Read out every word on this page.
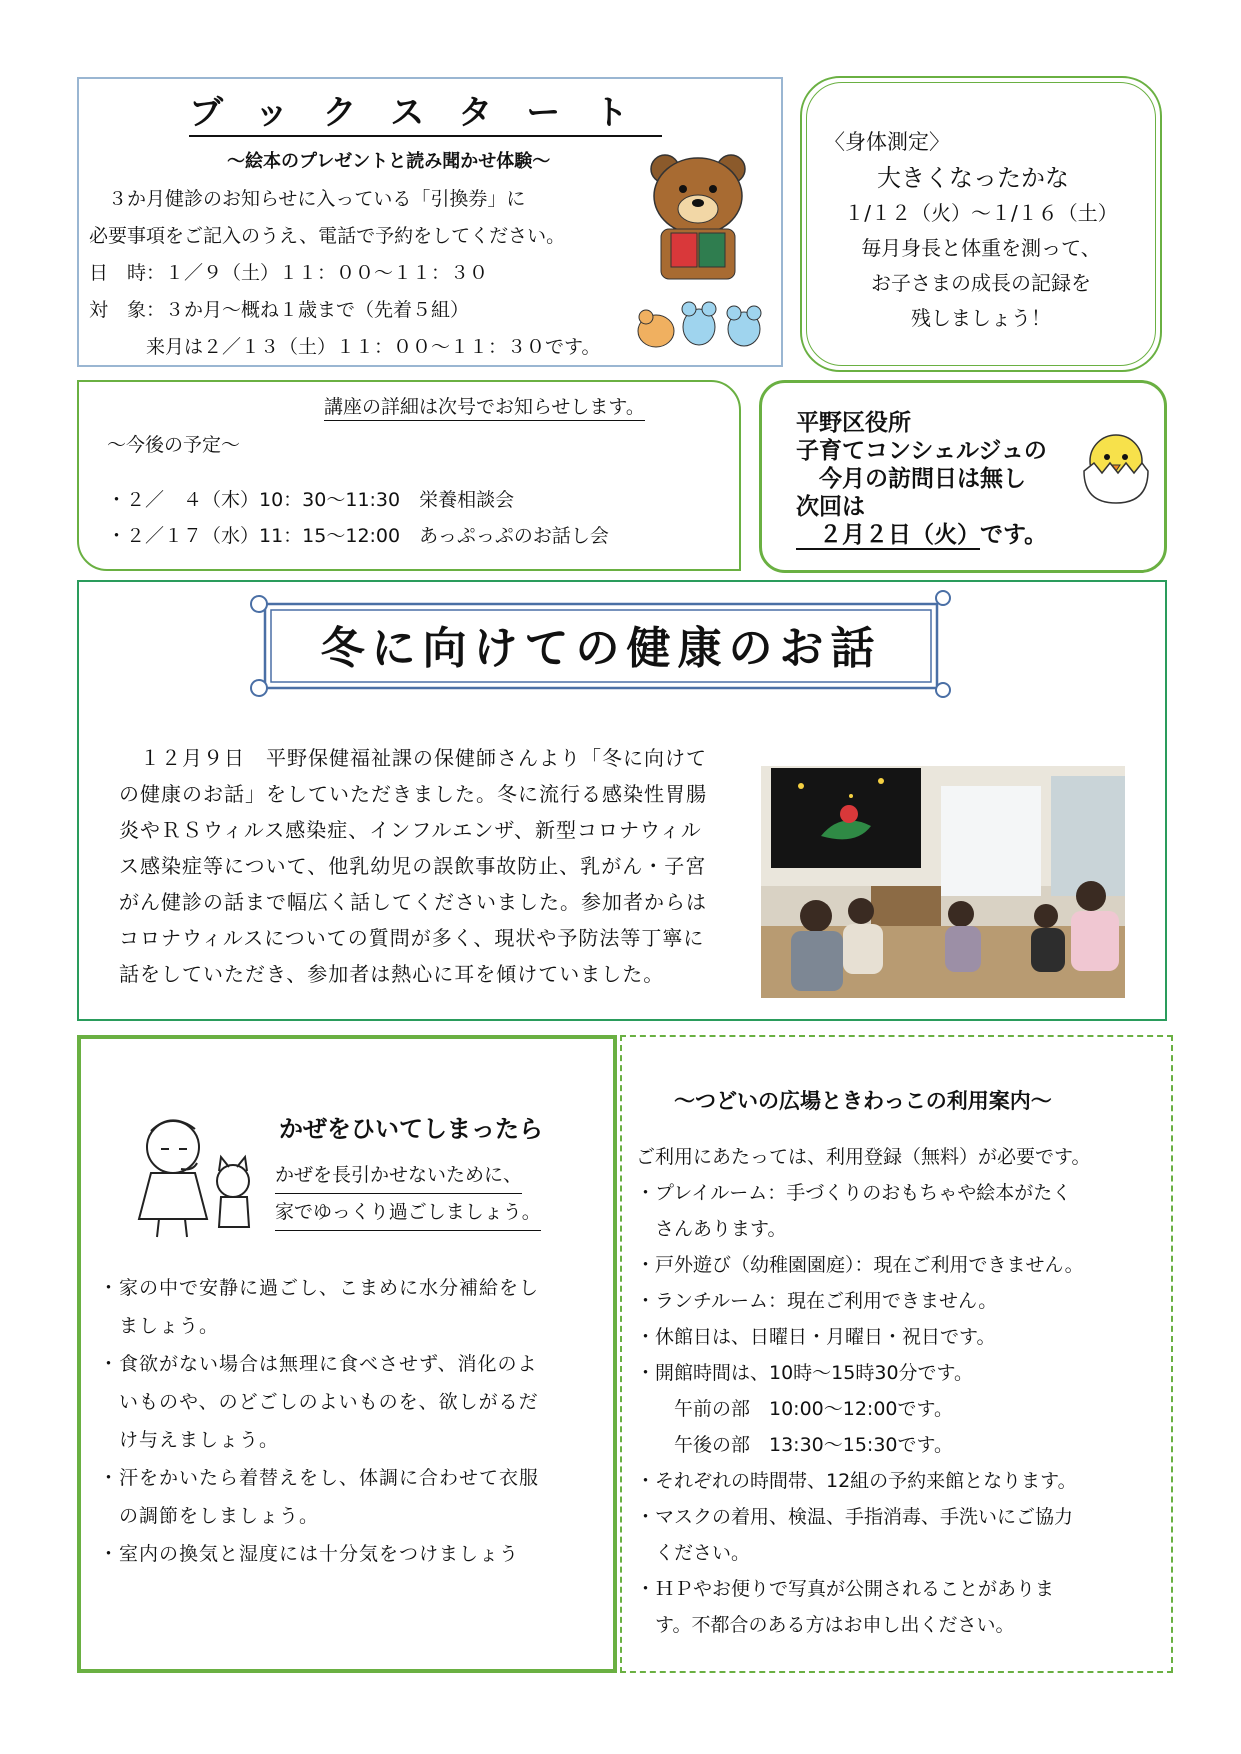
ブックスタート
～絵本のプレゼントと読み聞かせ体験～
　３か月健診のお知らせに入っている「引換券」に
必要事項をご記入のうえ、電話で予約をしてください。
日　時：１／９（土）１１：００～１１：３０
対　象：３か月～概ね１歳まで（先着５組）
　　　来月は２／１３（土）１１：００～１１：３０です。
〈身体測定〉
大きくなったかな
１/１２（火）～１/１６（土）
毎月身長と体重を測って、
お子さまの成長の記録を
残しましょう！
講座の詳細は次号でお知らせします。
～今後の予定～
・２／　４（木）10：30～11:30　栄養相談会
・２／１７（水）11：15～12:00　あっぷっぷのお話し会
平野区役所
子育てコンシェルジュの
　今月の訪問日は無し
次回は
　２月２日（火）です。
冬に向けての健康のお話
　１２月９日　平野保健福祉課の保健師さんより「冬に向けて
の健康のお話」をしていただきました。冬に流行る感染性胃腸
炎やＲＳウィルス感染症、インフルエンザ、新型コロナウィル
ス感染症等について、他乳幼児の誤飲事故防止、乳がん・子宮
がん健診の話まで幅広く話してくださいました。参加者からは
コロナウィルスについての質問が多く、現状や予防法等丁寧に
話をしていただき、参加者は熱心に耳を傾けていました。
かぜをひいてしまったら
かぜを長引かせないために、
家でゆっくり過ごしましょう。
・家の中で安静に過ごし、こまめに水分補給をし
　ましょう。
・食欲がない場合は無理に食べさせず、消化のよ
　いものや、のどごしのよいものを、欲しがるだ
　け与えましょう。
・汗をかいたら着替えをし、体調に合わせて衣服
　の調節をしましょう。
・室内の換気と湿度には十分気をつけましょう
～つどいの広場ときわっこの利用案内～
ご利用にあたっては、利用登録（無料）が必要です。
・プレイルーム：手づくりのおもちゃや絵本がたく
　さんあります。
・戸外遊び（幼稚園園庭）：現在ご利用できません。
・ランチルーム：現在ご利用できません。
・休館日は、日曜日・月曜日・祝日です。
・開館時間は、10時～15時30分です。
　　午前の部　10:00～12:00です。
　　午後の部　13:30～15:30です。
・それぞれの時間帯、12組の予約来館となります。
・マスクの着用、検温、手指消毒、手洗いにご協力
　ください。
・ＨＰやお便りで写真が公開されることがありま
　す。不都合のある方はお申し出ください。
